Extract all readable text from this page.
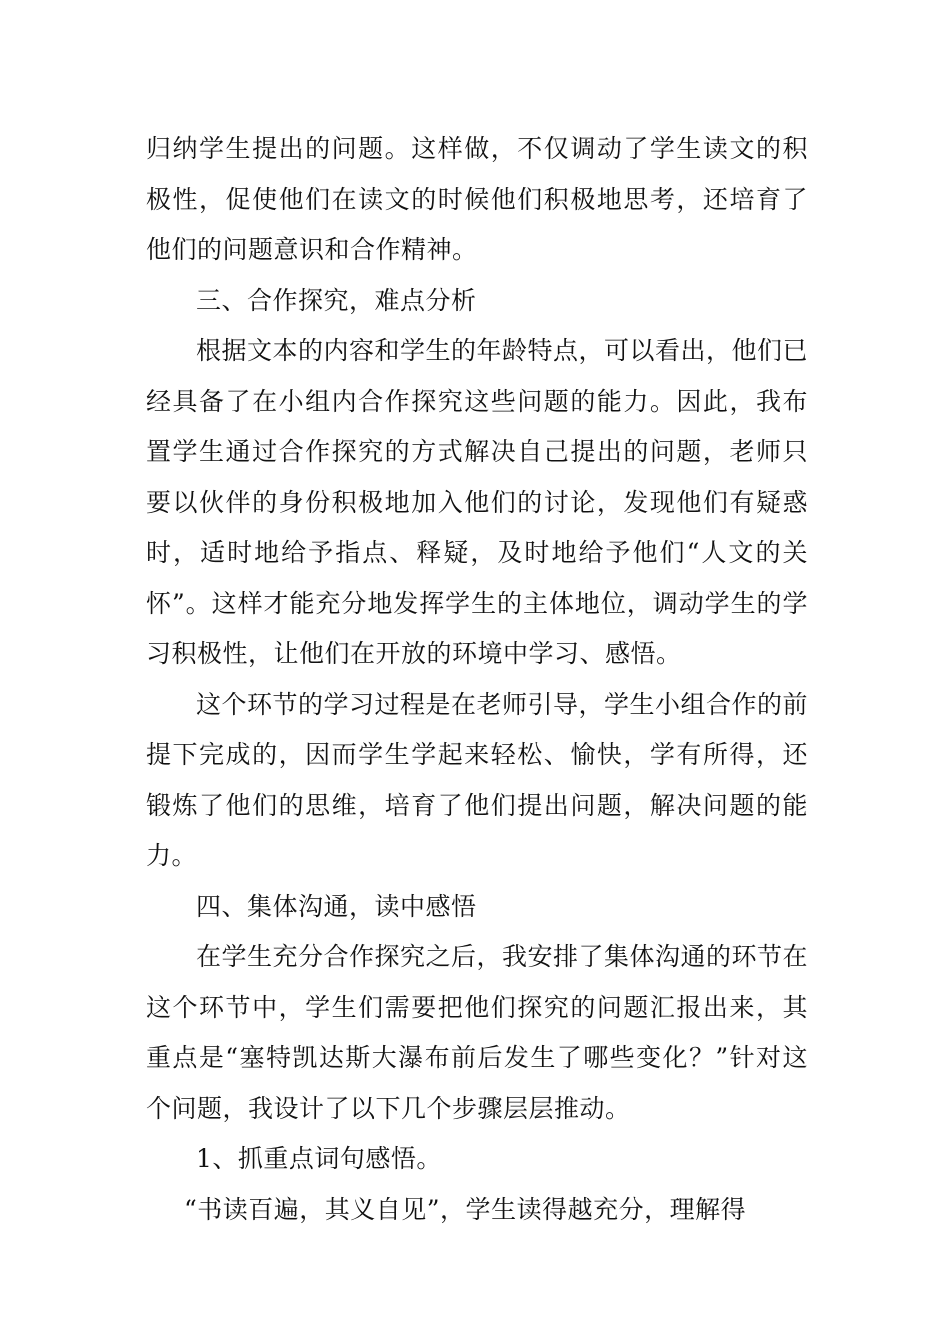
归纳学生提出的问题。这样做，不仅调动了学生读文的积极性，促使他们在读文的时候他们积极地思考，还培育了他们的问题意识和合作精神。

三、合作探究，难点分析

根据文本的内容和学生的年龄特点，可以看出，他们已经具备了在小组内合作探究这些问题的能力。因此，我布置学生通过合作探究的方式解决自己提出的问题，老师只要以伙伴的身份积极地加入他们的讨论，发现他们有疑惑时，适时地给予指点、释疑，及时地给予他们“人文的关怀”。这样才能充分地发挥学生的主体地位，调动学生的学习积极性，让他们在开放的环境中学习、感悟。

这个环节的学习过程是在老师引导，学生小组合作的前提下完成的，因而学生学起来轻松、愉快，学有所得，还锻炼了他们的思维，培育了他们提出问题，解决问题的能力。

四、集体沟通，读中感悟

在学生充分合作探究之后，我安排了集体沟通的环节在这个环节中，学生们需要把他们探究的问题汇报出来，其重点是“塞特凯达斯大瀑布前后发生了哪些变化？”针对这个问题，我设计了以下几个步骤层层推动。

1、抓重点词句感悟。

“书读百遍，其义自见”，学生读得越充分，理解得
